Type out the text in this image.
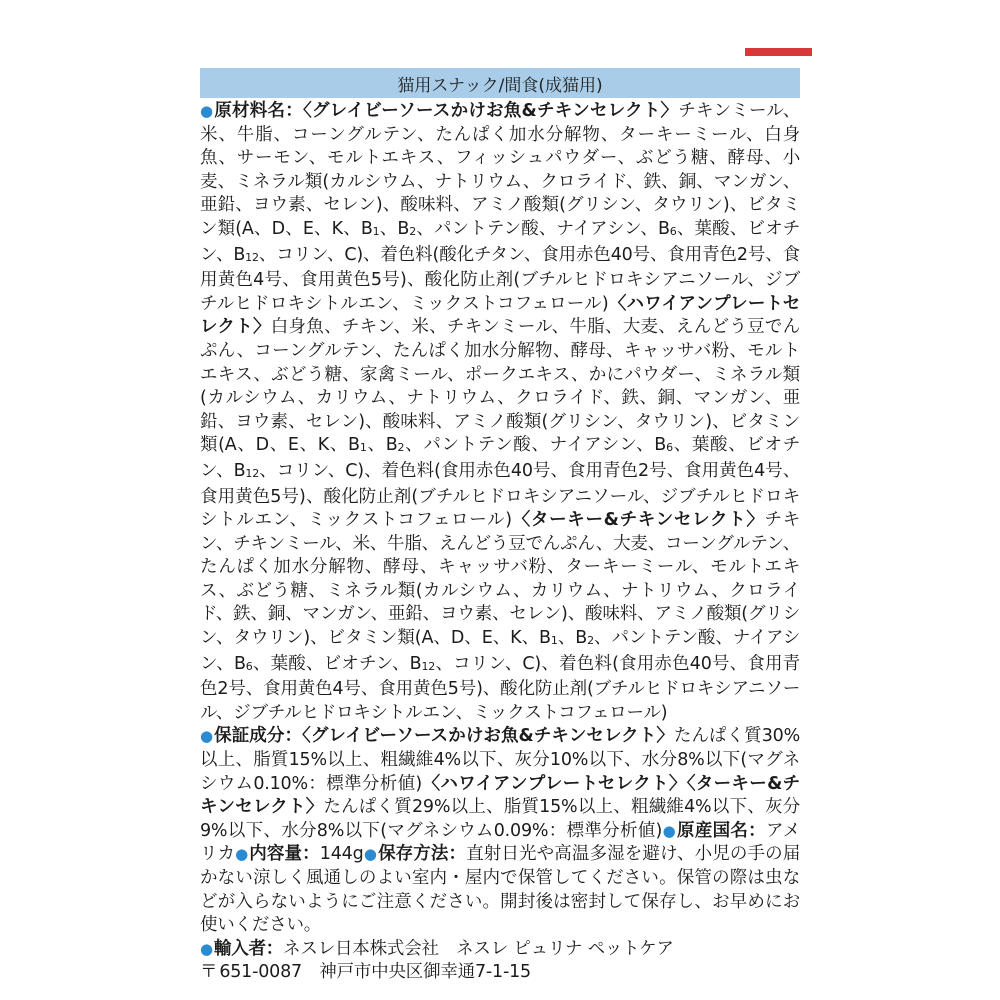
猫用スナック/間食(成猫用)

●原材料名：〈グレイビーソースかけお魚&チキンセレクト〉チキンミール、米、牛脂、コーングルテン、たんぱく加水分解物、ターキーミール、白身魚、サーモン、モルトエキス、フィッシュパウダー、ぶどう糖、酵母、小麦、ミネラル類(カルシウム、ナトリウム、クロライド、鉄、銅、マンガン、亜鉛、ヨウ素、セレン)、酸味料、アミノ酸類(グリシン、タウリン)、ビタミン類(A、D、E、K、B1、B2、パントテン酸、ナイアシン、B6、葉酸、ビオチン、B12、コリン、C)、着色料(酸化チタン、食用赤色40号、食用青色2号、食用黄色4号、食用黄色5号)、酸化防止剤(ブチルヒドロキシアニソール、ジブチルヒドロキシトルエン、ミックストコフェロール)〈ハワイアンプレートセレクト〉白身魚、チキン、米、チキンミール、牛脂、大麦、えんどう豆でんぷん、コーングルテン、たんぱく加水分解物、酵母、キャッサバ粉、モルトエキス、ぶどう糖、家禽ミール、ポークエキス、かにパウダー、ミネラル類(カルシウム、カリウム、ナトリウム、クロライド、鉄、銅、マンガン、亜鉛、ヨウ素、セレン)、酸味料、アミノ酸類(グリシン、タウリン)、ビタミン類(A、D、E、K、B1、B2、パントテン酸、ナイアシン、B6、葉酸、ビオチン、B12、コリン、C)、着色料(食用赤色40号、食用青色2号、食用黄色4号、食用黄色5号)、酸化防止剤(ブチルヒドロキシアニソール、ジブチルヒドロキシトルエン、ミックストコフェロール)〈ターキー&チキンセレクト〉チキン、チキンミール、米、牛脂、えんどう豆でんぷん、大麦、コーングルテン、たんぱく加水分解物、酵母、キャッサバ粉、ターキーミール、モルトエキス、ぶどう糖、ミネラル類(カルシウム、カリウム、ナトリウム、クロライド、鉄、銅、マンガン、亜鉛、ヨウ素、セレン)、酸味料、アミノ酸類(グリシン、タウリン)、ビタミン類(A、D、E、K、B1、B2、パントテン酸、ナイアシン、B6、葉酸、ビオチン、B12、コリン、C)、着色料(食用赤色40号、食用青色2号、食用黄色4号、食用黄色5号)、酸化防止剤(ブチルヒドロキシアニソール、ジブチルヒドロキシトルエン、ミックストコフェロール)

●保証成分：〈グレイビーソースかけお魚&チキンセレクト〉たんぱく質30%以上、脂質15%以上、粗繊維4%以下、灰分10%以下、水分8%以下(マグネシウム0.10%：標準分析値)〈ハワイアンプレートセレクト〉〈ターキー&チキンセレクト〉たんぱく質29%以上、脂質15%以上、粗繊維4%以下、灰分9%以下、水分8%以下(マグネシウム0.09%：標準分析値)●原産国名：アメリカ●内容量：144g●保存方法：直射日光や高温多湿を避け、小児の手の届かない涼しく風通しのよい室内・屋内で保管してください。保管の際は虫などが入らないようにご注意ください。開封後は密封して保存し、お早めにお使いください。

●輸入者：ネスレ日本株式会社　ネスレ ピュリナ ペットケア

〒 651-0087　 神戸市中央区御幸通7-1-15
